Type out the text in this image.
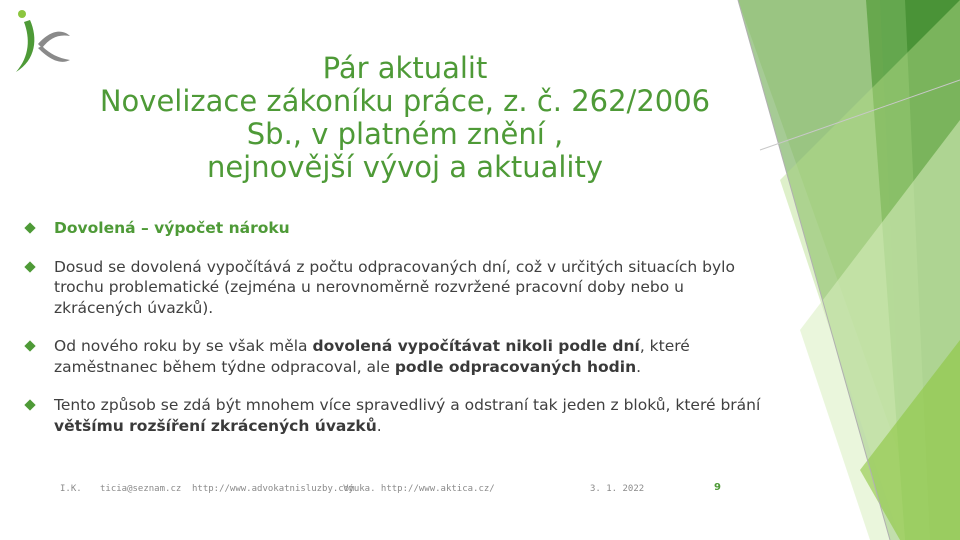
Pár aktualit
Novelizace zákoníku práce, z. č. 262/2006
Sb., v platném znění ,
nejnovější vývoj a aktuality
Dovolená – výpočet nároku
Dosud se dovolená vypočítává z počtu odpracovaných dní, což v určitých situacích bylo trochu problematické (zejména u nerovnoměrně rozvržené pracovní doby nebo u zkrácených úvazků).
Od nového roku by se však měla dovolená vypočítávat nikoli podle dní, které zaměstnanec během týdne odpracoval, ale podle odpracovaných hodin.
Tento způsob se zdá být mnohem více spravedlivý a odstraní tak jeden z bloků, které brání většímu rozšíření zkrácených úvazků.
I.K. ticia@seznam.cz http://www.advokatnisluzby.com
Výuka. http://www.aktica.cz/	3. 1. 2022	9
